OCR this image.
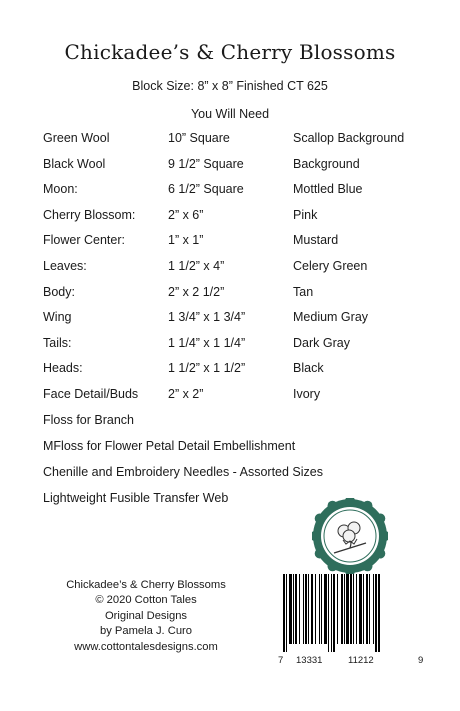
Chickadee’s & Cherry Blossoms
Block Size: 8” x 8” Finished CT 625
You Will Need
Green Wool	10” Square	Scallop Background
Black Wool	9 1/2” Square	Background
Moon:	6 1/2” Square	Mottled Blue
Cherry Blossom:	2” x 6”	Pink
Flower Center:	1” x 1”	Mustard
Leaves:	1 1/2” x 4”	Celery Green
Body:	2” x 2 1/2”	Tan
Wing	1 3/4” x 1 3/4”	Medium Gray
Tails:	1 1/4” x 1 1/4”	Dark Gray
Heads:	1 1/2” x 1 1/2”	Black
Face Detail/Buds 2” x 2”	Ivory
Floss for Branch
MFloss for Flower Petal Detail Embellishment
Chenille and Embroidery Needles - Assorted Sizes
Lightweight Fusible Transfer Web
Chickadee’s & Cherry Blossoms
© 2020 Cotton Tales
Original Designs
by Pamela J. Curo
www.cottontalesdesigns.com
7 13331	11212	9
